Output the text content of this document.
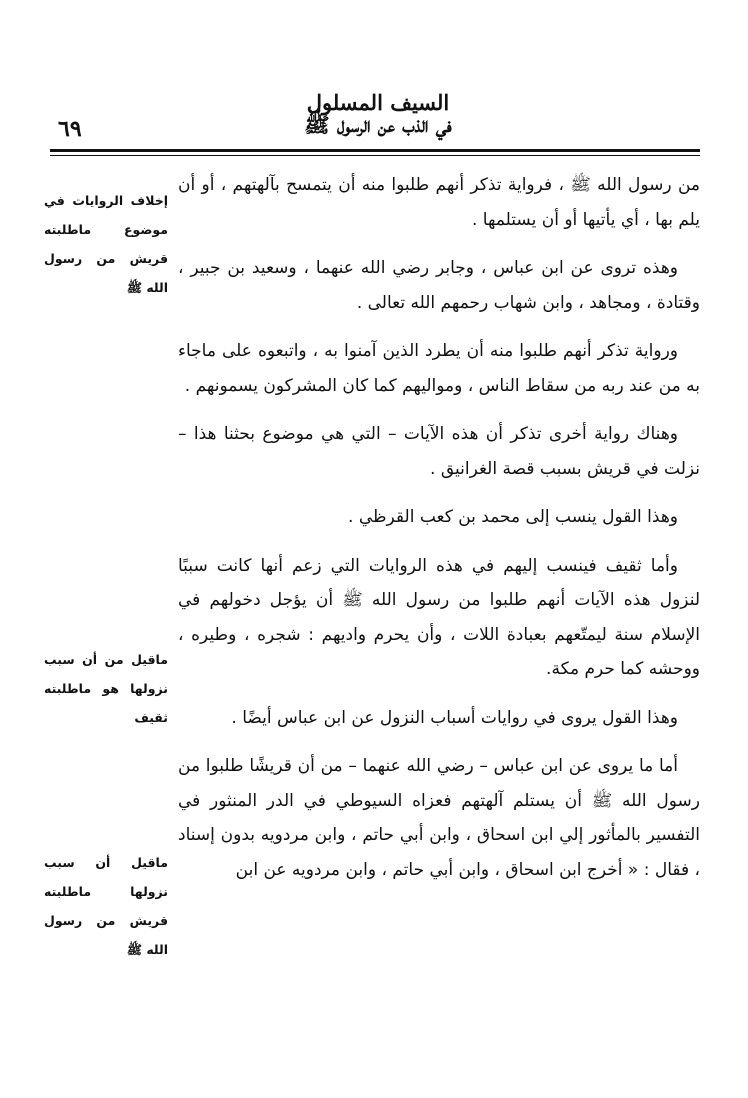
السيف المسلول
في الذب عن الرسول ﷺ
٦٩
إخلاف الروايات في موضوع ماطلبته قريش من رسول الله ﷺ
ماقيل من أن سبب نزولها هو ماطلبته ثقيف
ماقيل أن سبب نزولها ماطلبته قريش من رسول الله ﷺ

من رسول الله ﷺ ، فرواية تذكر أنهم طلبوا منه أن يتمسح بآلهتهم ، أو أن يلم بها ، أي يأتيها أو أن يستلمها .

وهذه تروى عن ابن عباس ، وجابر رضي الله عنهما ، وسعيد بن جبير ، وقتادة ، ومجاهد ، وابن شهاب رحمهم الله تعالى .

ورواية تذكر أنهم طلبوا منه أن يطرد الذين آمنوا به ، واتبعوه على ماجاء به من عند ربه من سقاط الناس ، ومواليهم كما كان المشركون يسمونهم .

وهناك رواية أخرى تذكر أن هذه الآيات – التي هي موضوع بحثنا هذا – نزلت في قريش بسبب قصة الغرانيق .

وهذا القول ينسب إلى محمد بن كعب القرظي .

وأما ثقيف فينسب إليهم في هذه الروايات التي زعم أنها كانت سببًا لنزول هذه الآيات أنهم طلبوا من رسول الله ﷺ أن يؤجل دخولهم في الإسلام سنة ليمتّعهم بعبادة اللات ، وأن يحرم واديهم : شجره ، وطيره ، ووحشه كما حرم مكة.

وهذا القول يروى في روايات أسباب النزول عن ابن عباس أيضًا .

أما ما يروى عن ابن عباس – رضي الله عنهما – من أن قريشًا طلبوا من رسول الله ﷺ أن يستلم آلهتهم فعزاه السيوطي في الدر المنثور في التفسير بالمأثور إلي ابن اسحاق ، وابن أبي حاتم ، وابن مردويه بدون إسناد ، فقال : « أخرج ابن اسحاق ، وابن أبي حاتم ، وابن مردويه عن ابن
